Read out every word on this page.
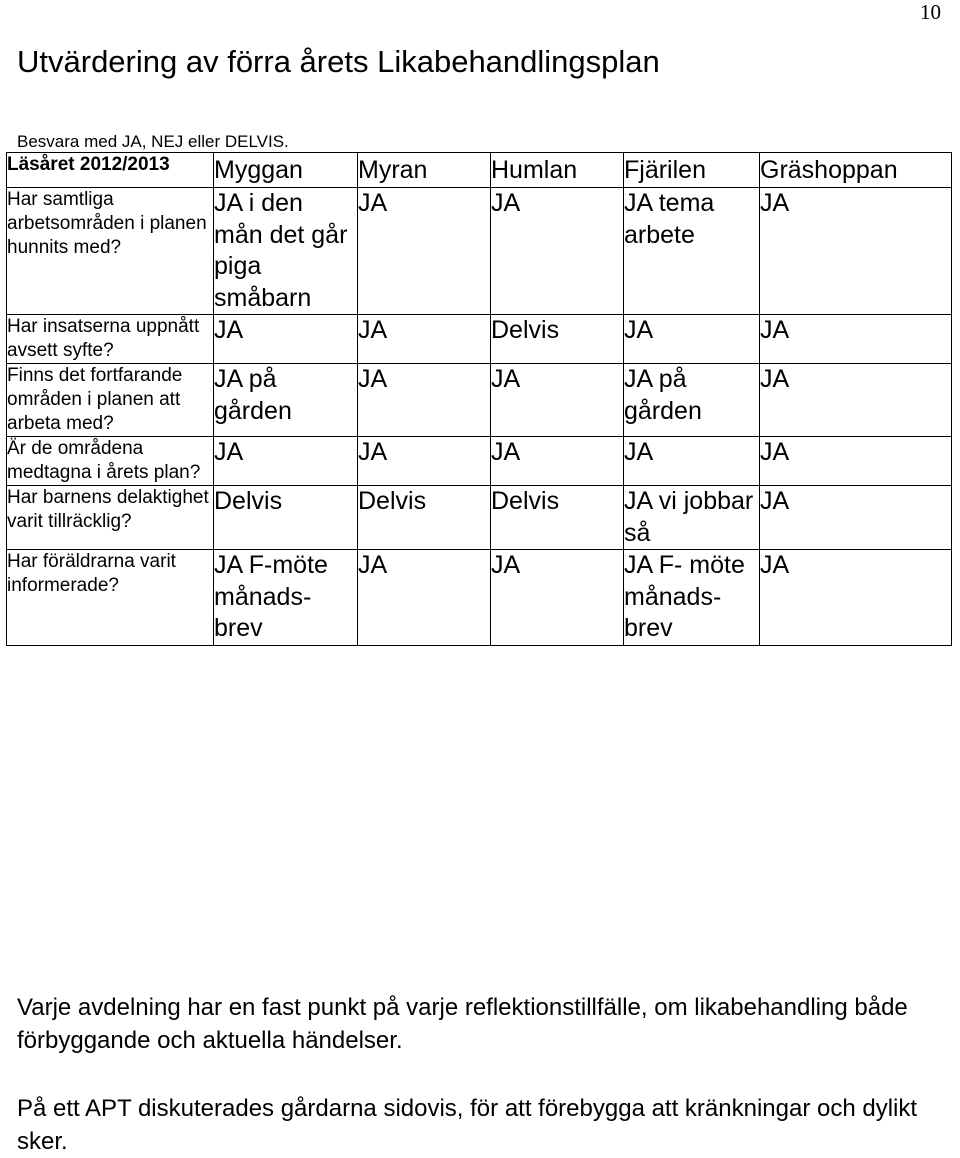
10
Utvärdering av förra årets Likabehandlingsplan
Besvara med JA, NEJ eller DELVIS.
Läsåret 2012/2013	Myggan	Myran	Humlan	Fjärilen	Gräshoppan
Har samtliga arbetsområden i planen hunnits med?	JA i den mån det går piga småbarn	JA	JA	JA tema arbete	JA
Har insatserna uppnått avsett syfte?	JA	JA	Delvis	JA	JA
Finns det fortfarande områden i planen att arbeta med?	JA på gården	JA	JA	JA på gården	JA
Är de områdena medtagna i årets plan?	JA	JA	JA	JA	JA
Har barnens delaktighet varit tillräcklig?	Delvis	Delvis	Delvis	JA vi jobbar så	JA
Har föräldrarna varit informerade?	JA F-möte månads-brev	JA	JA	JA F- möte månads-brev	JA

Varje avdelning har en fast punkt på varje reflektionstillfälle, om likabehandling både förbyggande och aktuella händelser.

På ett APT diskuterades gårdarna sidovis, för att förebygga att kränkningar och dylikt sker.
